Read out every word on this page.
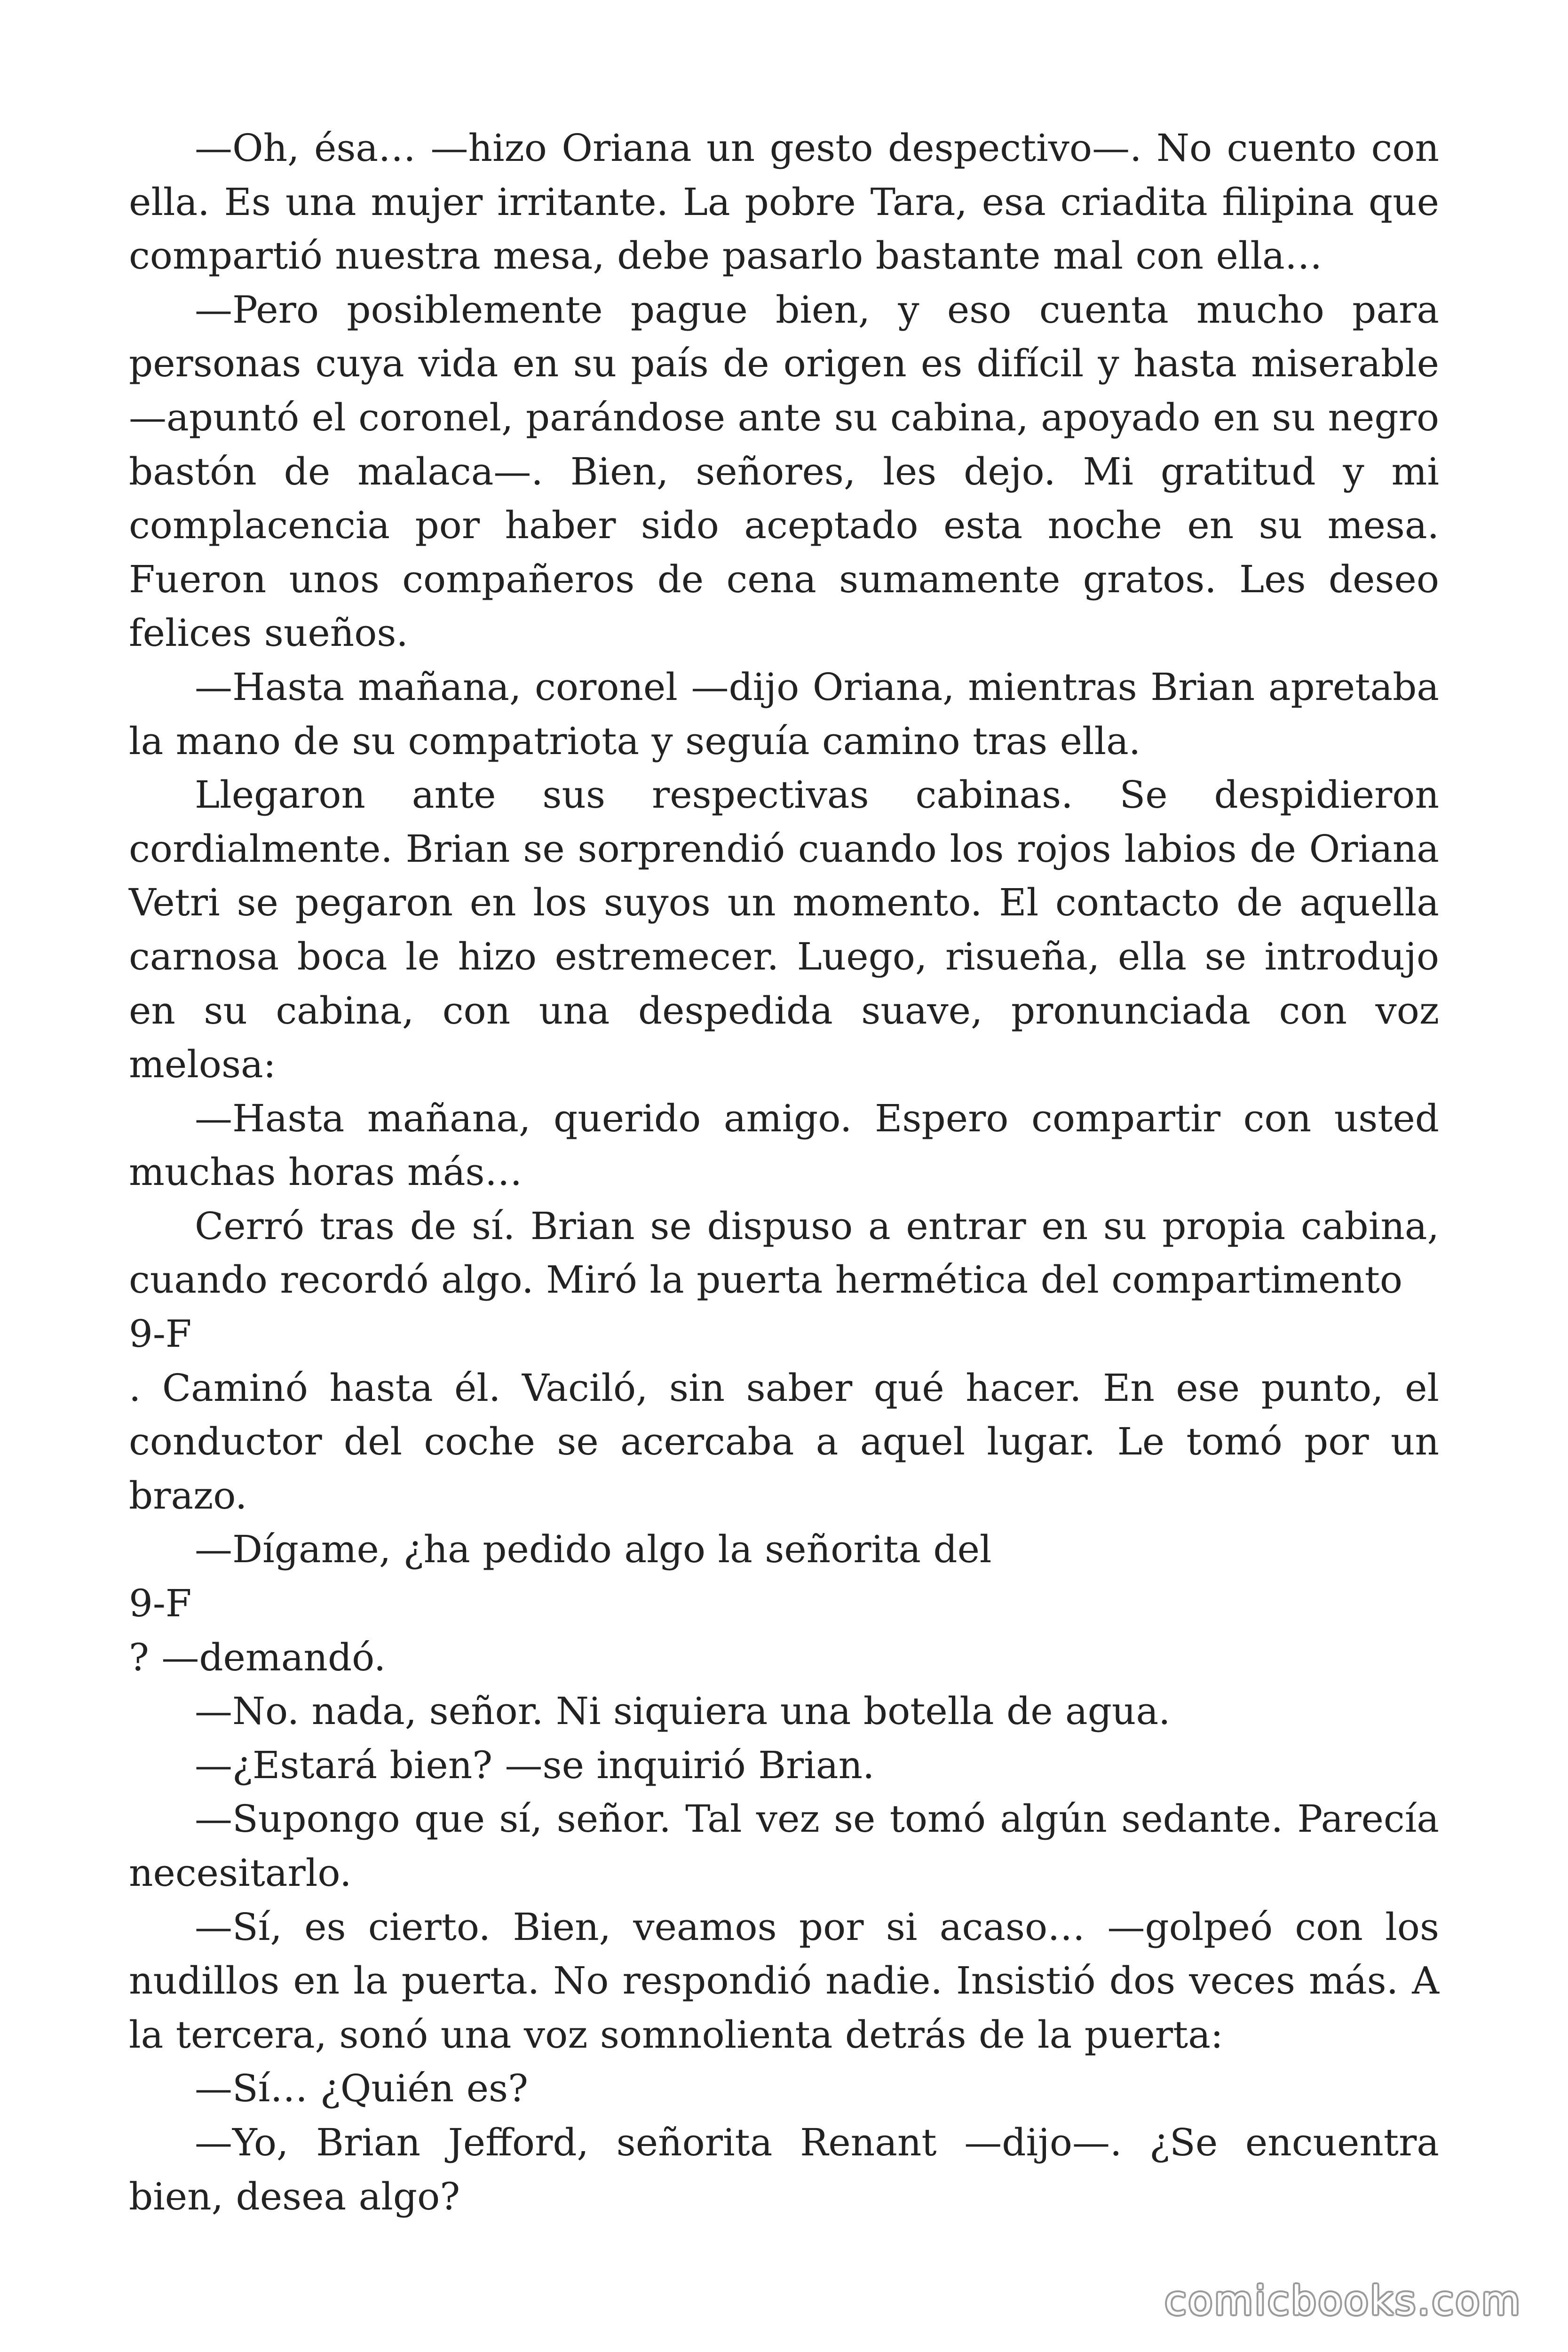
—Oh, ésa… —hizo Oriana un gesto despectivo—. No cuento con ella. Es una mujer irritante. La pobre Tara, esa criadita filipina que compartió nuestra mesa, debe pasarlo bastante mal con ella…

—Pero posiblemente pague bien, y eso cuenta mucho para personas cuya vida en su país de origen es difícil y hasta miserable —apuntó el coronel, parándose ante su cabina, apoyado en su negro bastón de malaca—. Bien, señores, les dejo. Mi gratitud y mi complacencia por haber sido aceptado esta noche en su mesa. Fueron unos compañeros de cena sumamente gratos. Les deseo felices sueños.

—Hasta mañana, coronel —dijo Oriana, mientras Brian apretaba la mano de su compatriota y seguía camino tras ella.

Llegaron ante sus respectivas cabinas. Se despidieron cordialmente. Brian se sorprendió cuando los rojos labios de Oriana Vetri se pegaron en los suyos un momento. El contacto de aquella carnosa boca le hizo estremecer. Luego, risueña, ella se introdujo en su cabina, con una despedida suave, pronunciada con voz melosa:

—Hasta mañana, querido amigo. Espero compartir con usted muchas horas más…

Cerró tras de sí. Brian se dispuso a entrar en su propia cabina, cuando recordó algo. Miró la puerta hermética del compartimento

9-F

. Caminó hasta él. Vaciló, sin saber qué hacer. En ese punto, el conductor del coche se acercaba a aquel lugar. Le tomó por un brazo.

—Dígame, ¿ha pedido algo la señorita del

9-F

? —demandó.

—No. nada, señor. Ni siquiera una botella de agua.

—¿Estará bien? —se inquirió Brian.

—Supongo que sí, señor. Tal vez se tomó algún sedante. Parecía necesitarlo.

—Sí, es cierto. Bien, veamos por si acaso… —golpeó con los nudillos en la puerta. No respondió nadie. Insistió dos veces más. A la tercera, sonó una voz somnolienta detrás de la puerta:

—Sí… ¿Quién es?

—Yo, Brian Jefford, señorita Renant —dijo—. ¿Se encuentra bien, desea algo?

comicbooks.com
